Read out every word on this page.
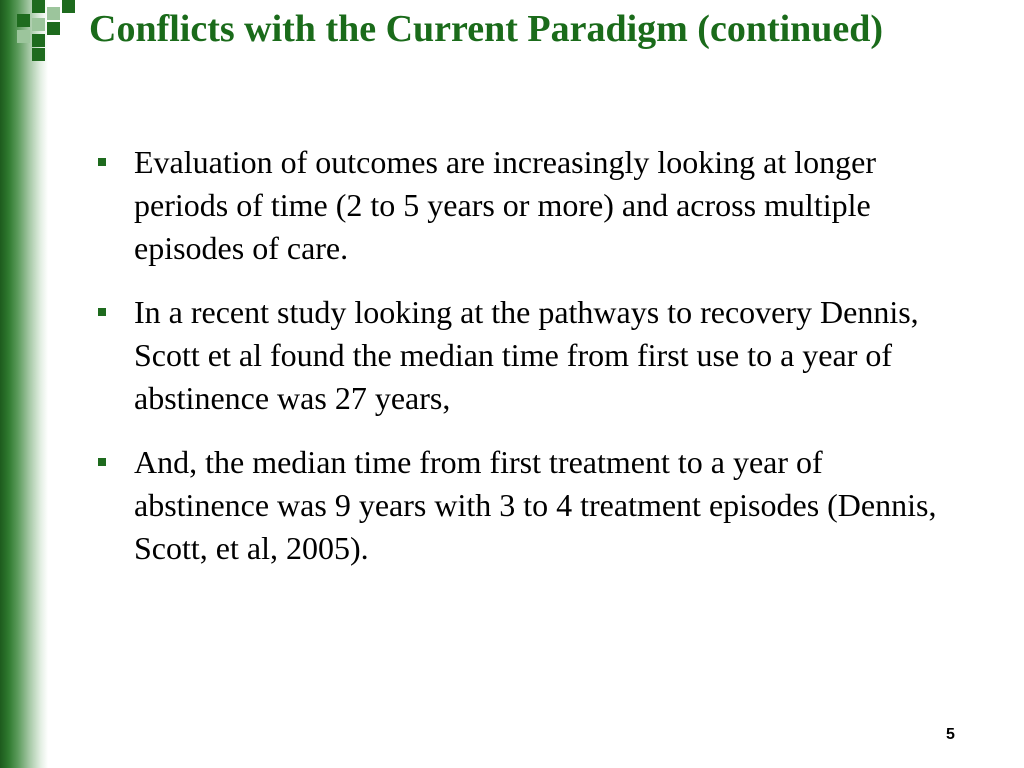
Conflicts with the Current Paradigm (continued)
Evaluation of outcomes are increasingly looking at longer periods of time (2 to 5 years or more) and across multiple episodes of care.
In a recent study looking at the pathways to recovery Dennis, Scott et al found the median time from first use to a year of abstinence was 27 years,
And, the median time from first treatment to a year of abstinence was 9 years with 3 to 4 treatment episodes (Dennis, Scott, et al, 2005).
5
